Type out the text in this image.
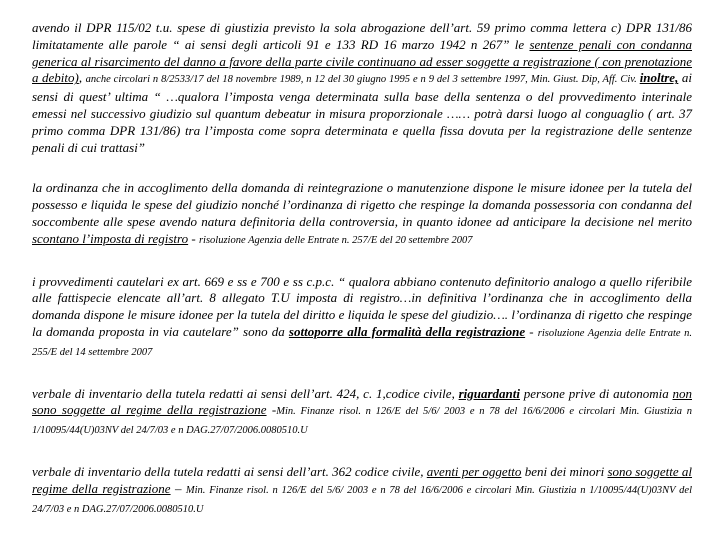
avendo il DPR 115/02 t.u. spese di giustizia previsto la sola abrogazione dell’art. 59 primo comma lettera c) DPR 131/86 limitatamente alle parole “ ai sensi degli articoli 91 e 133 RD 16 marzo 1942 n 267” le sentenze penali con condanna generica al risarcimento del danno a favore della parte civile continuano ad esser soggette a registrazione ( con prenotazione a debito), anche circolari n 8/2533/17 del 18 novembre 1989, n 12 del 30 giugno 1995 e n 9 del 3 settembre 1997, Min. Giust. Dip, Aff. Civ. inoltre, ai sensi di quest’ ultima “ …qualora l’imposta venga determinata sulla base della sentenza o del provvedimento interinale emessi nel successivo giudizio sul quantum debeatur in misura proporzionale …… potrà darsi luogo al conguaglio ( art. 37 primo comma DPR 131/86) tra l’imposta come sopra determinata e quella fissa dovuta per la registrazione delle sentenze penali di cui trattasi”

la ordinanza che in accoglimento della domanda di reintegrazione o manutenzione dispone le misure idonee per la tutela del possesso e liquida le spese del giudizio nonché l’ordinanza di rigetto che respinge la domanda possessoria con condanna del soccombente alle spese avendo natura definitoria della controversia, in quanto idonee ad anticipare la decisione nel merito scontano l’imposta di registro - risoluzione Agenzia delle Entrate n. 257/E del 20 settembre 2007

i provvedimenti cautelari ex art. 669 e ss e 700 e ss c.p.c. “ qualora abbiano contenuto definitorio analogo a quello riferibile alle fattispecie elencate all’art. 8 allegato T.U imposta di registro…in definitiva l’ordinanza che in accoglimento della domanda dispone le misure idonee per la tutela del diritto e liquida le spese del giudizio…. l’ordinanza di rigetto che respinge la domanda proposta in via cautelare” sono da sottoporre alla formalità della registrazione - risoluzione Agenzia delle Entrate n. 255/E del 14 settembre 2007

verbale di inventario della tutela redatti ai sensi dell’art. 424, c. 1,codice civile, riguardanti persone prive di autonomia non sono soggette al regime della registrazione -Min. Finanze risol. n 126/E del 5/6/ 2003 e n 78 del 16/6/2006 e circolari Min. Giustizia n 1/10095/44(U)03NV del 24/7/03 e n DAG.27/07/2006.0080510.U

verbale di inventario della tutela redatti ai sensi dell’art. 362 codice civile, aventi per oggetto beni dei minori sono soggette al regime della registrazione – Min. Finanze risol. n 126/E del 5/6/ 2003 e n 78 del 16/6/2006 e circolari Min. Giustizia n 1/10095/44(U)03NV del 24/7/03 e n DAG.27/07/2006.0080510.U
